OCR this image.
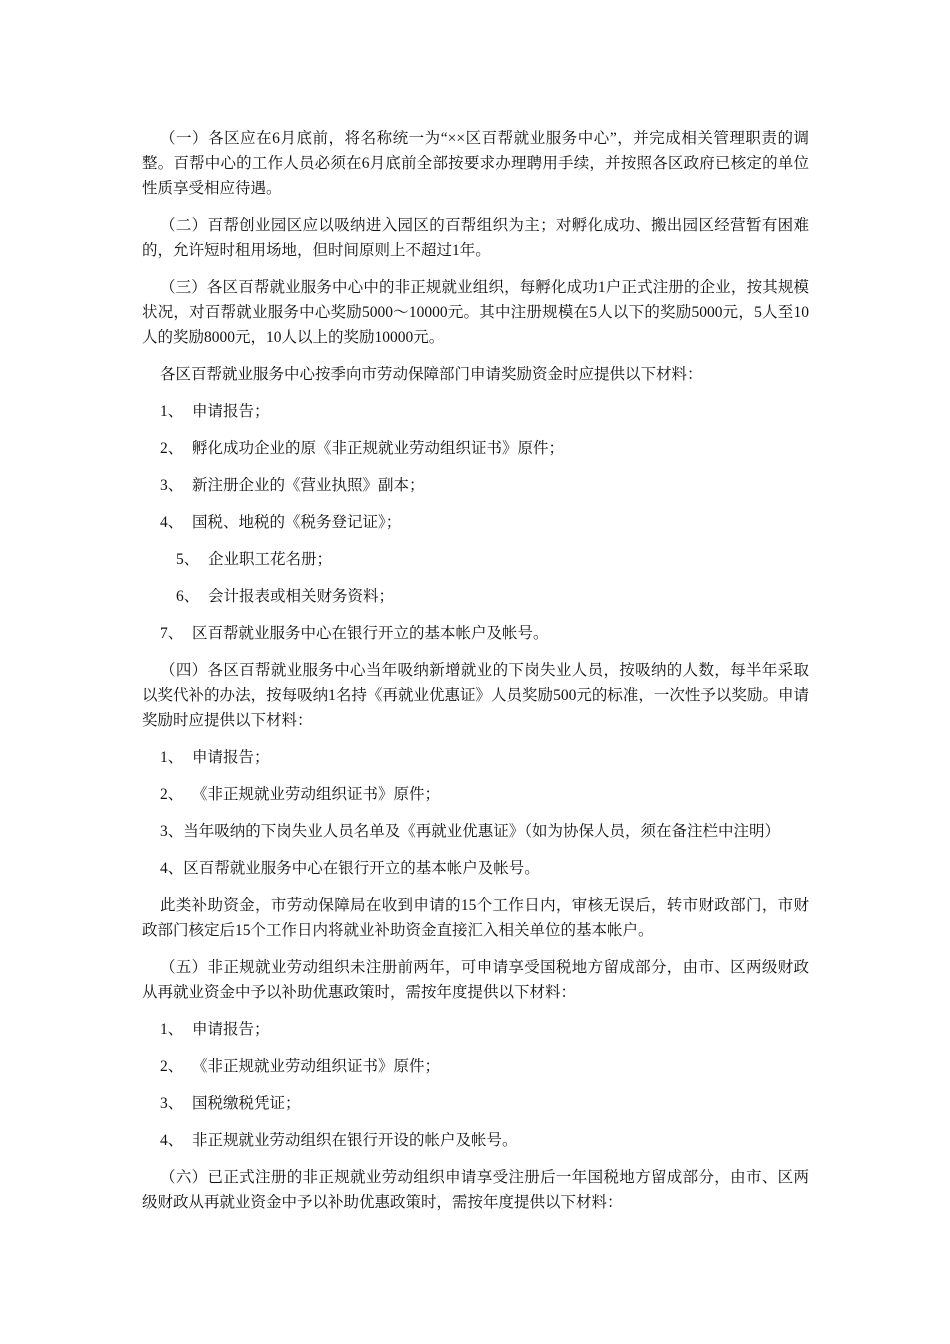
（一）各区应在6月底前，将名称统一为“××区百帮就业服务中心”，并完成相关管理职责的调整。百帮中心的工作人员必须在6月底前全部按要求办理聘用手续，并按照各区政府已核定的单位性质享受相应待遇。

（二）百帮创业园区应以吸纳进入园区的百帮组织为主；对孵化成功、搬出园区经营暂有困难的，允许短时租用场地，但时间原则上不超过1年。

（三）各区百帮就业服务中心中的非正规就业组织，每孵化成功1户正式注册的企业，按其规模状况，对百帮就业服务中心奖励5000～10000元。其中注册规模在5人以下的奖励5000元，5人至10人的奖励8000元，10人以上的奖励10000元。

各区百帮就业服务中心按季向市劳动保障部门申请奖励资金时应提供以下材料：

1、 申请报告；
2、 孵化成功企业的原《非正规就业劳动组织证书》原件；
3、 新注册企业的《营业执照》副本；
4、 国税、地税的《税务登记证》；
5、 企业职工花名册；
6、 会计报表或相关财务资料；
7、 区百帮就业服务中心在银行开立的基本帐户及帐号。

（四）各区百帮就业服务中心当年吸纳新增就业的下岗失业人员，按吸纳的人数，每半年采取以奖代补的办法，按每吸纳1名持《再就业优惠证》人员奖励500元的标准，一次性予以奖励。申请奖励时应提供以下材料：

1、 申请报告；
2、 《非正规就业劳动组织证书》原件；
3、当年吸纳的下岗失业人员名单及《再就业优惠证》（如为协保人员，须在备注栏中注明）
4、区百帮就业服务中心在银行开立的基本帐户及帐号。

此类补助资金，市劳动保障局在收到申请的15个工作日内，审核无误后，转市财政部门，市财政部门核定后15个工作日内将就业补助资金直接汇入相关单位的基本帐户。

（五）非正规就业劳动组织未注册前两年，可申请享受国税地方留成部分，由市、区两级财政从再就业资金中予以补助优惠政策时，需按年度提供以下材料：

1、 申请报告；
2、 《非正规就业劳动组织证书》原件；
3、 国税缴税凭证；
4、 非正规就业劳动组织在银行开设的帐户及帐号。

（六）已正式注册的非正规就业劳动组织申请享受注册后一年国税地方留成部分，由市、区两级财政从再就业资金中予以补助优惠政策时，需按年度提供以下材料：
